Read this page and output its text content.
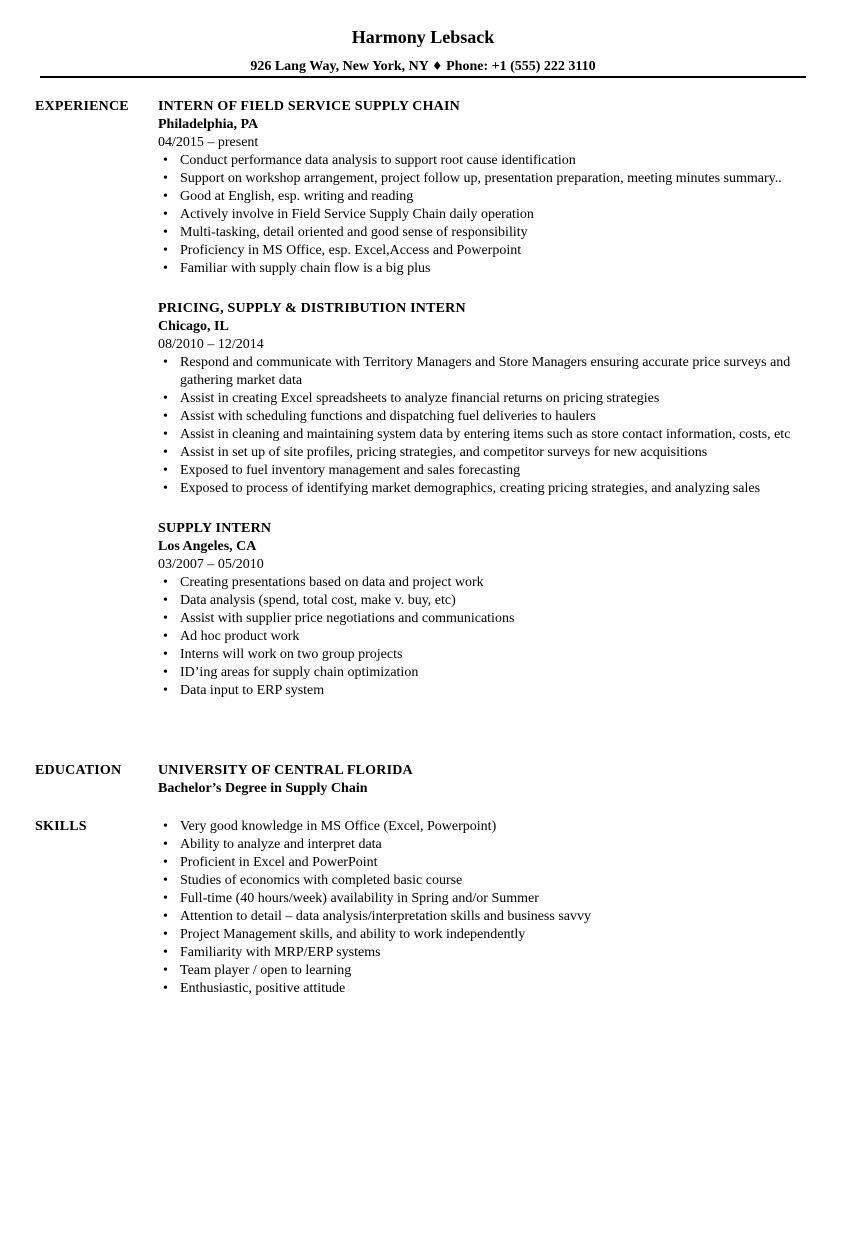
Harmony Lebsack
926 Lang Way, New York, NY ♦ Phone: +1 (555) 222 3110
EXPERIENCE INTERN OF FIELD SERVICE SUPPLY CHAIN
Philadelphia, PA
04/2015 – present
• Conduct performance data analysis to support root cause identification
• Support on workshop arrangement, project follow up, presentation preparation, meeting minutes summary..
• Good at English, esp. writing and reading
• Actively involve in Field Service Supply Chain daily operation
• Multi-tasking, detail oriented and good sense of responsibility
• Proficiency in MS Office, esp. Excel,Access and Powerpoint
• Familiar with supply chain flow is a big plus
PRICING, SUPPLY & DISTRIBUTION INTERN
Chicago, IL
08/2010 – 12/2014
• Respond and communicate with Territory Managers and Store Managers ensuring accurate price surveys and gathering market data
• Assist in creating Excel spreadsheets to analyze financial returns on pricing strategies
• Assist with scheduling functions and dispatching fuel deliveries to haulers
• Assist in cleaning and maintaining system data by entering items such as store contact information, costs, etc
• Assist in set up of site profiles, pricing strategies, and competitor surveys for new acquisitions
• Exposed to fuel inventory management and sales forecasting
• Exposed to process of identifying market demographics, creating pricing strategies, and analyzing sales
SUPPLY INTERN
Los Angeles, CA
03/2007 – 05/2010
• Creating presentations based on data and project work
• Data analysis (spend, total cost, make v. buy, etc)
• Assist with supplier price negotiations and communications
• Ad hoc product work
• Interns will work on two group projects
• ID’ing areas for supply chain optimization
• Data input to ERP system
EDUCATION	UNIVERSITY OF CENTRAL FLORIDA
Bachelor’s Degree in Supply Chain
SKILLS	• Very good knowledge in MS Office (Excel, Powerpoint)
• Ability to analyze and interpret data
• Proficient in Excel and PowerPoint
• Studies of economics with completed basic course
• Full-time (40 hours/week) availability in Spring and/or Summer
• Attention to detail – data analysis/interpretation skills and business savvy
• Project Management skills, and ability to work independently
• Familiarity with MRP/ERP systems
• Team player / open to learning
• Enthusiastic, positive attitude
